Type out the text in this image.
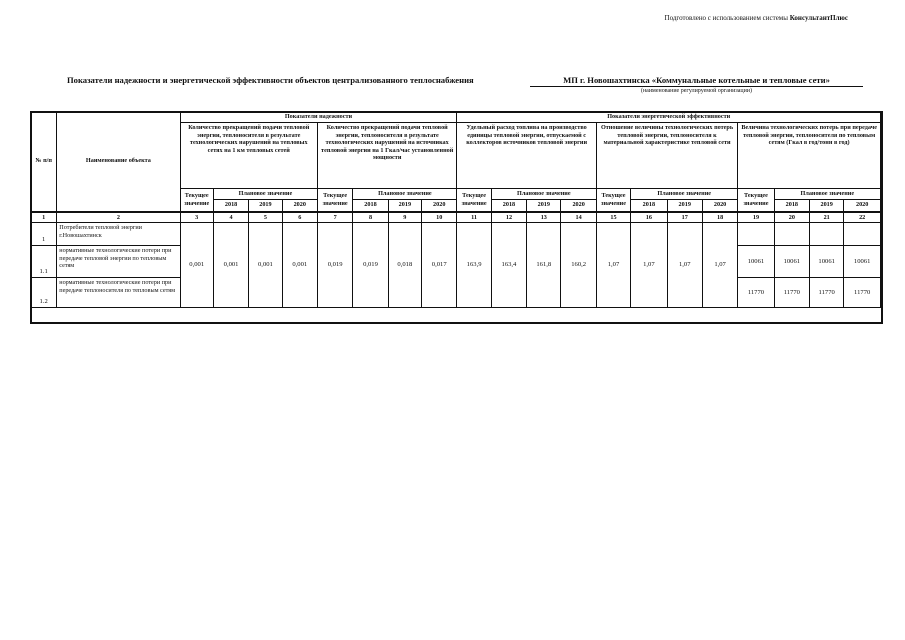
Подготовлено с использованием системы КонсультантПлюс
Показатели надежности и энергетической эффективности объектов централизованного теплоснабжения	МП г. Новошахтинска «Коммунальные котельные и тепловые сети»
(наименование регулируемой организации)
№ п/п	Наименование объекта	Показатели надежности								Показатели энергетической эффективности											
		Количество прекращений подачи тепловой энергии, теплоносителя в результате технологических нарушений на тепловых сетях на 1 км тепловых сетей				Количество прекращений подачи тепловой энергии, теплоносителя в результате технологических нарушений на источниках тепловой энергии на 1 Гкал/час установленной мощности				Удельный расход топлива на производство единицы тепловой энергии, отпускаемой с коллекторов источников тепловой энергии				Отношение величины технологических потерь тепловой энергии, теплоносителя к материальной характеристике тепловой сети				Величина технологических потерь при передаче тепловой энергии, теплоносителя по тепловым сетям (Гкал в год/тонн в год)			
		Текущее значение	Плановое значение			Текущее значение	Плановое значение			Текущее значение	Плановое значение			Текущее значение	Плановое значение			Текущее значение	Плановое значение		
			2018	2019	2020		2018	2019	2020		2018	2019	2020		2018	2019	2020		2018	2019	2020
1	2	3	4	5	6	7	8	9	10	11	12	13	14	15	16	17	18	19	20	21	22
1	Потребители тепловой энергии г.Новошахтинск	0,001	0,001	0,001	0,001	0,019	0,019	0,018	0,017	163,9	163,4	161,8	160,2	1,07	1,07	1,07	1,07				
1.1	нормативные технологические потери при передаче тепловой энергии по тепловым сетям																	10061	10061	10061	10061
1.2	нормативные технологические потери при передаче теплоносителя по тепловым сетям																	11770	11770	11770	11770
